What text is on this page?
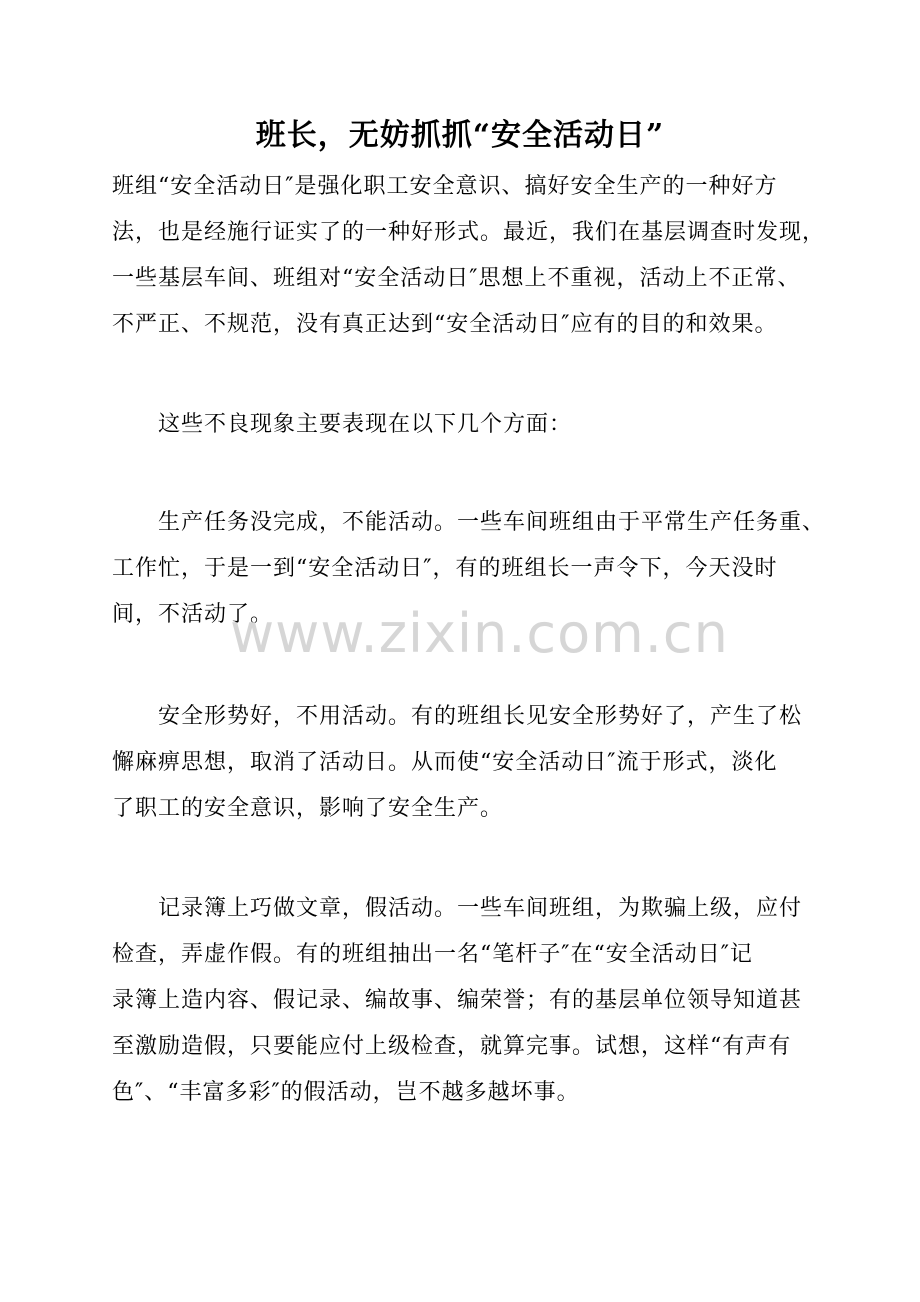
班长，无妨抓抓“安全活动日”
班组“安全活动日″是强化职工安全意识、搞好安全生产的一种好方
法，也是经施行证实了的一种好形式。最近，我们在基层调查时发现，
一些基层车间、班组对“安全活动日″思想上不重视，活动上不正常、
不严正、不规范，没有真正达到“安全活动日″应有的目的和效果。
这些不良现象主要表现在以下几个方面：
生产任务没完成，不能活动。一些车间班组由于平常生产任务重、
工作忙，于是一到“安全活动日″，有的班组长一声令下，今天没时
间，不活动了。
安全形势好，不用活动。有的班组长见安全形势好了，产生了松
懈麻痹思想，取消了活动日。从而使“安全活动日″流于形式，淡化
了职工的安全意识，影响了安全生产。
记录簿上巧做文章，假活动。一些车间班组，为欺骗上级，应付
检查，弄虚作假。有的班组抽出一名“笔杆子″在“安全活动日″记
录簿上造内容、假记录、编故事、编荣誉；有的基层单位领导知道甚
至激励造假，只要能应付上级检查，就算完事。试想，这样“有声有
色″、“丰富多彩″的假活动，岂不越多越坏事。
www.zixin.com.cn
